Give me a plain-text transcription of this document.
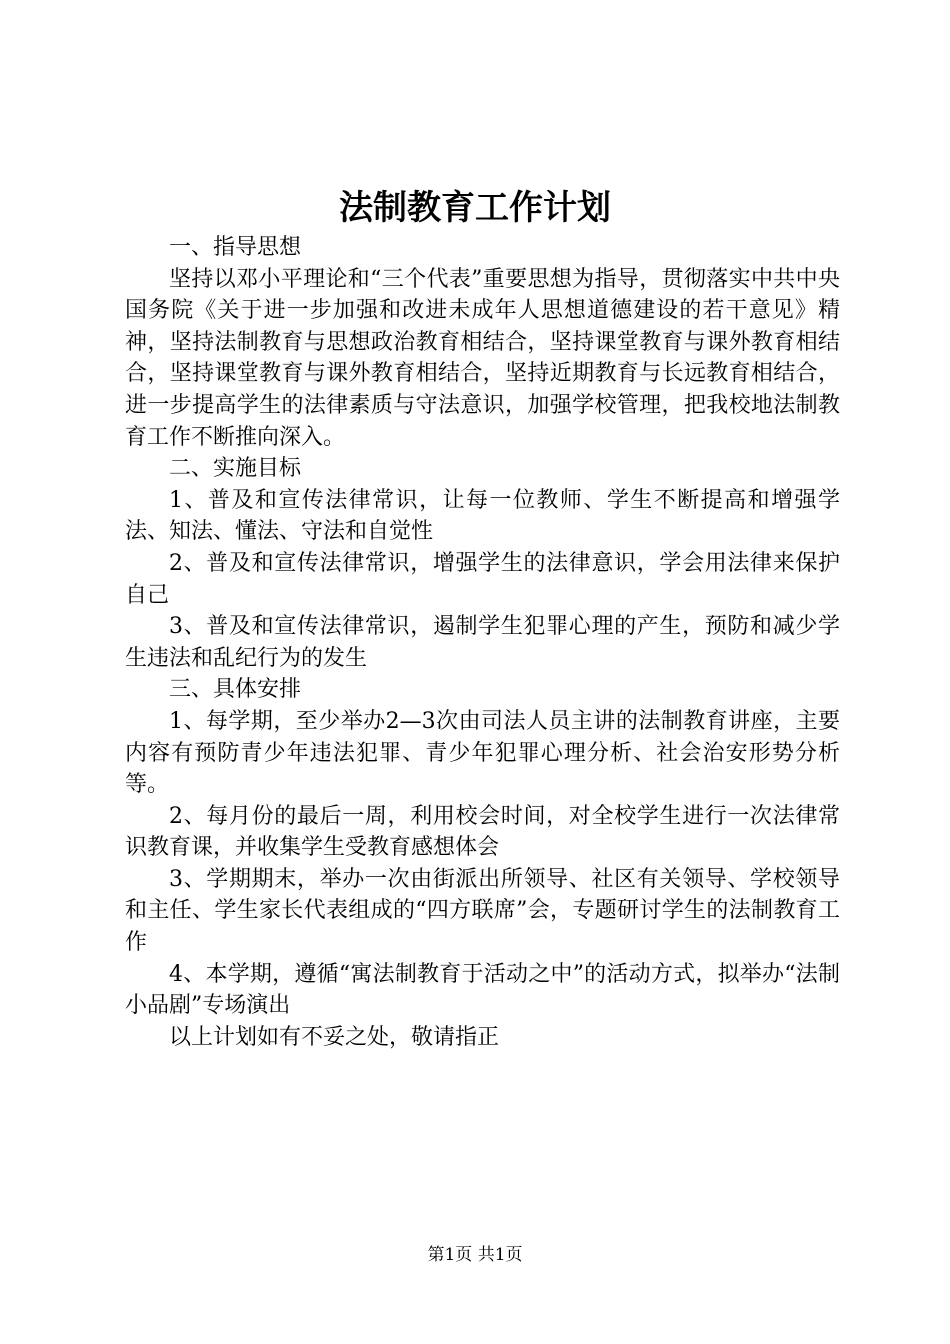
法制教育工作计划

一、指导思想

坚持以邓小平理论和“三个代表”重要思想为指导，贯彻落实中共中央国务院《关于进一步加强和改进未成年人思想道德建设的若干意见》精神，坚持法制教育与思想政治教育相结合，坚持课堂教育与课外教育相结合，坚持课堂教育与课外教育相结合，坚持近期教育与长远教育相结合，进一步提高学生的法律素质与守法意识，加强学校管理，把我校地法制教育工作不断推向深入。

二、实施目标

1、普及和宣传法律常识，让每一位教师、学生不断提高和增强学法、知法、懂法、守法和自觉性

2、普及和宣传法律常识，增强学生的法律意识，学会用法律来保护自己

3、普及和宣传法律常识，遏制学生犯罪心理的产生，预防和减少学生违法和乱纪行为的发生

三、具体安排

1、每学期，至少举办2—3次由司法人员主讲的法制教育讲座，主要内容有预防青少年违法犯罪、青少年犯罪心理分析、社会治安形势分析等。

2、每月份的最后一周，利用校会时间，对全校学生进行一次法律常识教育课，并收集学生受教育感想体会

3、学期期末，举办一次由街派出所领导、社区有关领导、学校领导和主任、学生家长代表组成的“四方联席”会，专题研讨学生的法制教育工作

4、本学期，遵循“寓法制教育于活动之中”的活动方式，拟举办“法制小品剧”专场演出

以上计划如有不妥之处，敬请指正

第1页 共1页
